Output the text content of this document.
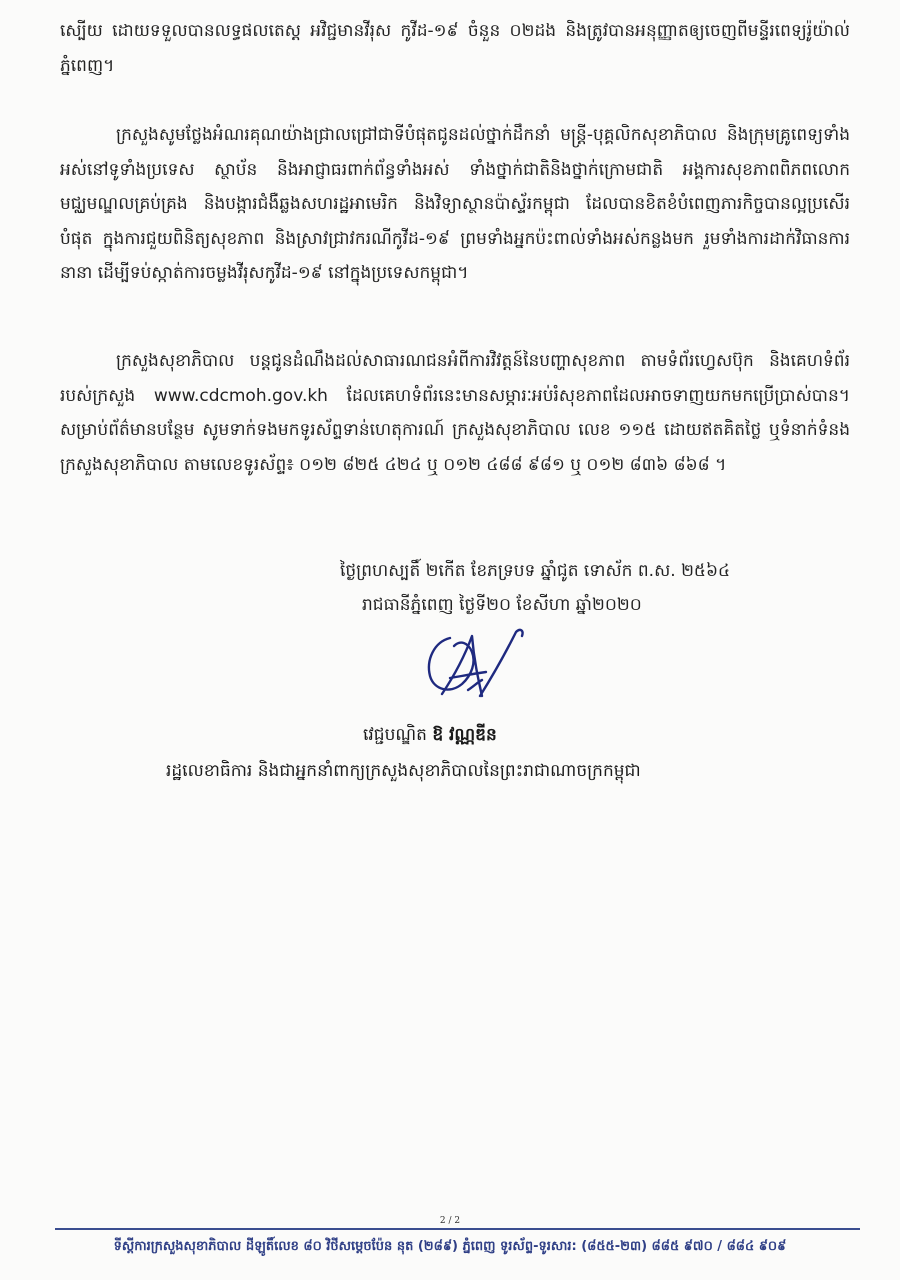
ស្បើយ ដោយទទួលបានលទ្ធផលតេស្ត អវិជ្ជមានវីរុស កូវីដ-១៩ ចំនួន ០២ដង និងត្រូវបានអនុញ្ញាតឲ្យចេញពីមន្ទីរពេទ្យរ៉ូយ៉ាល់ភ្នំពេញ។
ក្រសួងសូមថ្លែងអំណរគុណយ៉ាងជ្រាលជ្រៅជាទីបំផុតជូនដល់ថ្នាក់ដឹកនាំ មន្ត្រី-បុគ្គលិកសុខាភិបាល និងក្រុមគ្រូពេទ្យទាំងអស់នៅទូទាំងប្រទេស ស្ថាប័ន និងអាជ្ញាធរពាក់ព័ន្ធទាំងអស់ ទាំងថ្នាក់ជាតិនិងថ្នាក់ក្រោមជាតិ អង្គការសុខភាពពិភពលោក មជ្ឈមណ្ឌលគ្រប់គ្រង និងបង្ការជំងឺឆ្លងសហរដ្ឋអាមេរិក និងវិទ្យាស្ថានប៉ាស្ទ័រកម្ពុជា ដែលបានខិតខំបំពេញភារកិច្ចបានល្អប្រសើរបំផុត ក្នុងការជួយពិនិត្យសុខភាព និងស្រាវជ្រាវករណីកូវីដ-១៩ ព្រមទាំងអ្នកប៉ះពាល់ទាំងអស់កន្លងមក រួមទាំងការដាក់វិធានការនានា ដើម្បីទប់ស្កាត់ការចម្លងវីរុសកូវីដ-១៩ នៅក្នុងប្រទេសកម្ពុជា។
ក្រសួងសុខាភិបាល បន្តជូនដំណឹងដល់សាធារណជនអំពីការវិវត្តន៍នៃបញ្ហាសុខភាព តាមទំព័រហ្វេសប៊ុក និងគេហទំព័ររបស់ក្រសួង www.cdcmoh.gov.kh ដែលគេហទំព័រនេះមានសម្ភារៈអប់រំសុខភាពដែលអាចទាញយកមកប្រើប្រាស់បាន។ សម្រាប់ព័ត៌មានបន្ថែម សូមទាក់ទងមកទូរស័ព្ទទាន់ហេតុការណ៍ ក្រសួងសុខាភិបាល លេខ ១១៥ ដោយឥតគិតថ្លៃ ឬទំនាក់ទំនងក្រសួងសុខាភិបាល តាមលេខទូរស័ព្ទ៖ ០១២ ៨២៥ ៤២៤ ឬ ០១២ ៤៨៨ ៩៨១ ឬ ០១២ ៨៣៦ ៨៦៨ ។
ថ្ងៃព្រហស្បតិ៍ ២កើត ខែភទ្របទ ឆ្នាំជូត ទោស័ក ព.ស. ២៥៦៤
រាជធានីភ្នំពេញ ថ្ងៃទី២០ ខែសីហា ឆ្នាំ២០២០
វេជ្ជបណ្ឌិត ឱ វណ្ណឌីន
រដ្ឋលេខាធិការ និងជាអ្នកនាំពាក្យក្រសួងសុខាភិបាលនៃព្រះរាជាណាចក្រកម្ពុជា
2 / 2
ទីស្តីការក្រសួងសុខាភិបាល ដីឡូតិ៍លេខ ៨០ វិថីសម្តេចប៉ែន នុត (២៨៩) ភ្នំពេញ ទូរស័ព្ទ-ទូរសារ: (៨៥៥-២៣) ៨៨៥ ៩៧០ / ៨៨៤ ៩០៩
